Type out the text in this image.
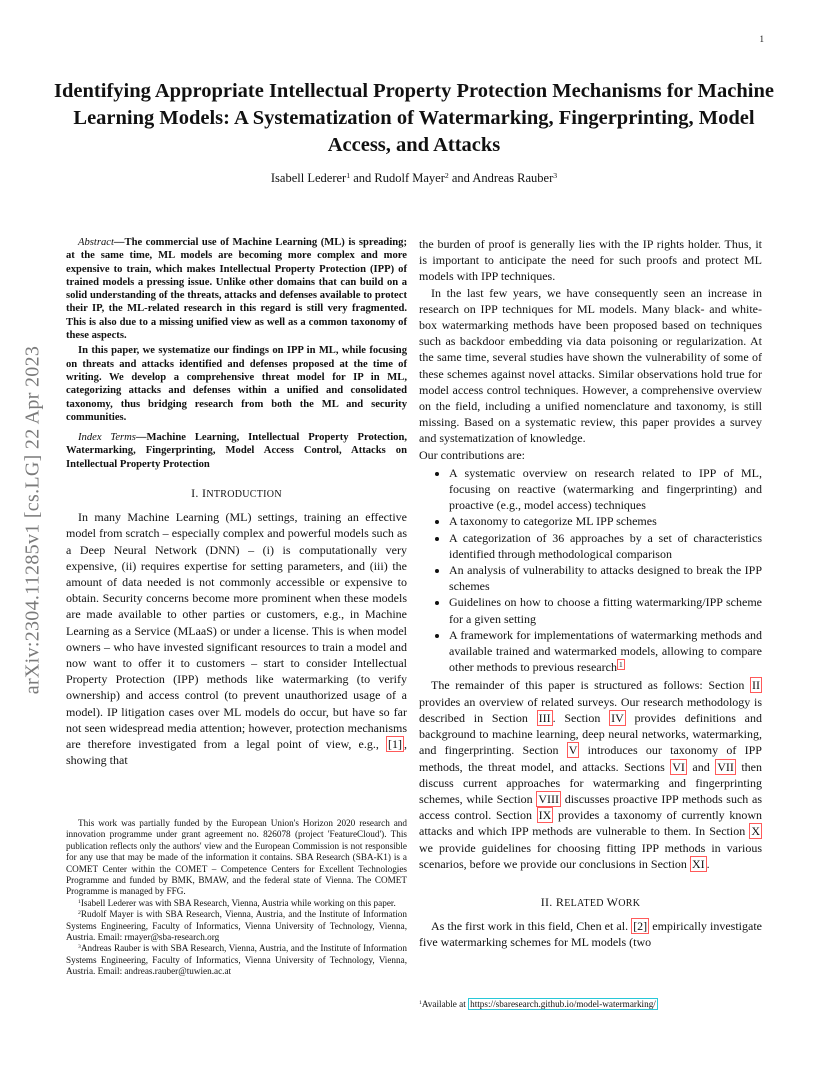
1
Identifying Appropriate Intellectual Property Protection Mechanisms for Machine Learning Models: A Systematization of Watermarking, Fingerprinting, Model Access, and Attacks
Isabell Lederer$^1$ and Rudolf Mayer$^2$ and Andreas Rauber$^3$
arXiv:2304.11285v1 [cs.LG] 22 Apr 2023

Abstract—The commercial use of Machine Learning (ML) is spreading; at the same time, ML models are becoming more complex and more expensive to train, which makes Intellectual Property Protection (IPP) of trained models a pressing issue. Unlike other domains that can build on a solid understanding of the threats, attacks and defenses available to protect their IP, the ML-related research in this regard is still very fragmented. This is also due to a missing unified view as well as a common taxonomy of these aspects.

In this paper, we systematize our findings on IPP in ML, while focusing on threats and attacks identified and defenses proposed at the time of writing. We develop a comprehensive threat model for IP in ML, categorizing attacks and defenses within a unified and consolidated taxonomy, thus bridging research from both the ML and security communities.

Index Terms—Machine Learning, Intellectual Property Protection, Watermarking, Fingerprinting, Model Access Control, Attacks on Intellectual Property Protection

I. INTRODUCTION

In many Machine Learning (ML) settings, training an effective model from scratch – especially complex and powerful models such as a Deep Neural Network (DNN) – (i) is computationally very expensive, (ii) requires expertise for setting parameters, and (iii) the amount of data needed is not commonly accessible or expensive to obtain. Security concerns become more prominent when these models are made available to other parties or customers, e.g., in Machine Learning as a Service (MLaaS) or under a license. This is when model owners – who have invested significant resources to train a model and now want to offer it to customers – start to consider Intellectual Property Protection (IPP) methods like watermarking (to verify ownership) and access control (to prevent unauthorized usage of a model). IP litigation cases over ML models do occur, but have so far not seen widespread media attention; however, protection mechanisms are therefore investigated from a legal point of view, e.g., [1] , showing that

This work was partially funded by the European Union's Horizon 2020 research and innovation programme under grant agreement no. 826078 (project 'FeatureCloud'). This publication reflects only the authors' view and the European Commission is not responsible for any use that may be made of the information it contains. SBA Research (SBA-K1) is a COMET Center within the COMET – Competence Centers for Excellent Technologies Programme and funded by BMK, BMAW, and the federal state of Vienna. The COMET Programme is managed by FFG.

$^1$Isabell Lederer was with SBA Research, Vienna, Austria while working on this paper.

$^2$Rudolf Mayer is with SBA Research, Vienna, Austria, and the Institute of Information Systems Engineering, Faculty of Informatics, Vienna University of Technology, Vienna, Austria. Email: rmayer@sba-research.org

$^3$Andreas Rauber is with SBA Research, Vienna, Austria, and the Institute of Information Systems Engineering, Faculty of Informatics, Vienna University of Technology, Vienna, Austria. Email: andreas.rauber@tuwien.ac.at

the burden of proof is generally lies with the IP rights holder. Thus, it is important to anticipate the need for such proofs and protect ML models with IPP techniques.

In the last few years, we have consequently seen an increase in research on IPP techniques for ML models. Many black- and white-box watermarking methods have been proposed based on techniques such as backdoor embedding via data poisoning or regularization. At the same time, several studies have shown the vulnerability of some of these schemes against novel attacks. Similar observations hold true for model access control techniques. However, a comprehensive overview on the field, including a unified nomenclature and taxonomy, is still missing. Based on a systematic review, this paper provides a survey and systematization of knowledge.

Our contributions are:

• A systematic overview on research related to IPP of ML, focusing on reactive (watermarking and fingerprinting) and proactive (e.g., model access) techniques
• A taxonomy to categorize ML IPP schemes
• A categorization of 36 approaches by a set of characteristics identified through methodological comparison
• An analysis of vulnerability to attacks designed to break the IPP schemes
• Guidelines on how to choose a fitting watermarking/IPP scheme for a given setting
• A framework for implementations of watermarking methods and available trained and watermarked models, allowing to compare other methods to previous research $^1$

The remainder of this paper is structured as follows: Section II provides an overview of related surveys. Our research methodology is described in Section III . Section IV provides definitions and background to machine learning, deep neural networks, watermarking, and fingerprinting. Section V introduces our taxonomy of IPP methods, the threat model, and attacks. Sections VI and VII then discuss current approaches for watermarking and fingerprinting schemes, while Section VIII discusses proactive IPP methods such as access control. Section IX provides a taxonomy of currently known attacks and which IPP methods are vulnerable to them. In Section X we provide guidelines for choosing fitting IPP methods in various scenarios, before we provide our conclusions in Section XI .

II. RELATED WORK

As the first work in this field, Chen et al. [2] empirically investigate five watermarking schemes for ML models (two

$^1$Available at https://sbaresearch.github.io/model-watermarking/
